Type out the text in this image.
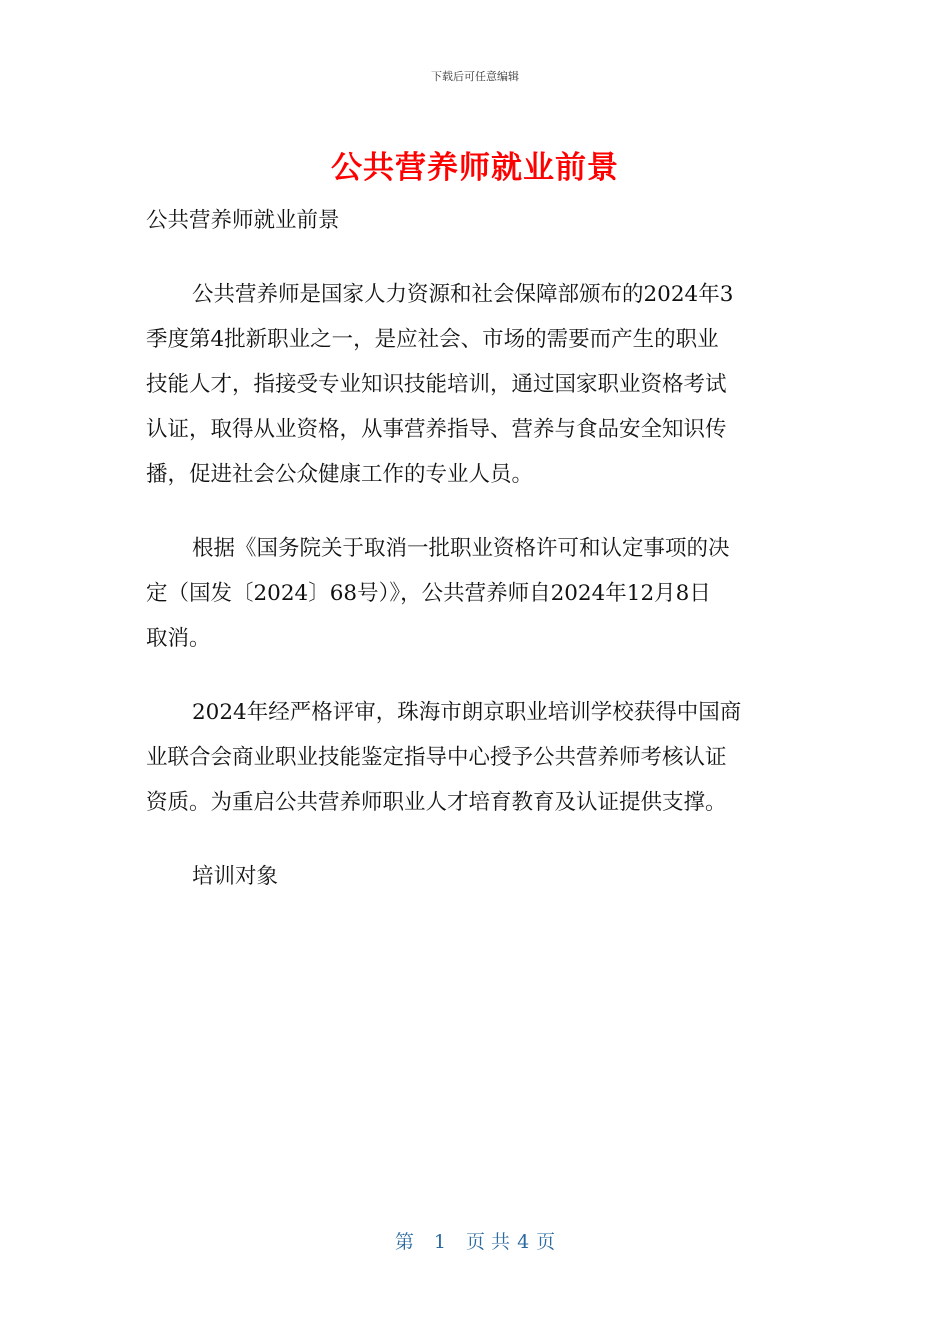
下载后可任意编辑
公共营养师就业前景
公共营养师就业前景
公共营养师是国家人力资源和社会保障部颁布的2024年3
季度第4批新职业之一，是应社会、市场的需要而产生的职业
技能人才，指接受专业知识技能培训，通过国家职业资格考试
认证，取得从业资格，从事营养指导、营养与食品安全知识传
播，促进社会公众健康工作的专业人员。
根据《国务院关于取消一批职业资格许可和认定事项的决
定（国发〔2024〕68号）》，公共营养师自2024年12月8日
取消。
2024年经严格评审，珠海市朗京职业培训学校获得中国商
业联合会商业职业技能鉴定指导中心授予公共营养师考核认证
资质。为重启公共营养师职业人才培育教育及认证提供支撑。
培训对象
第 1 页 共 4 页
